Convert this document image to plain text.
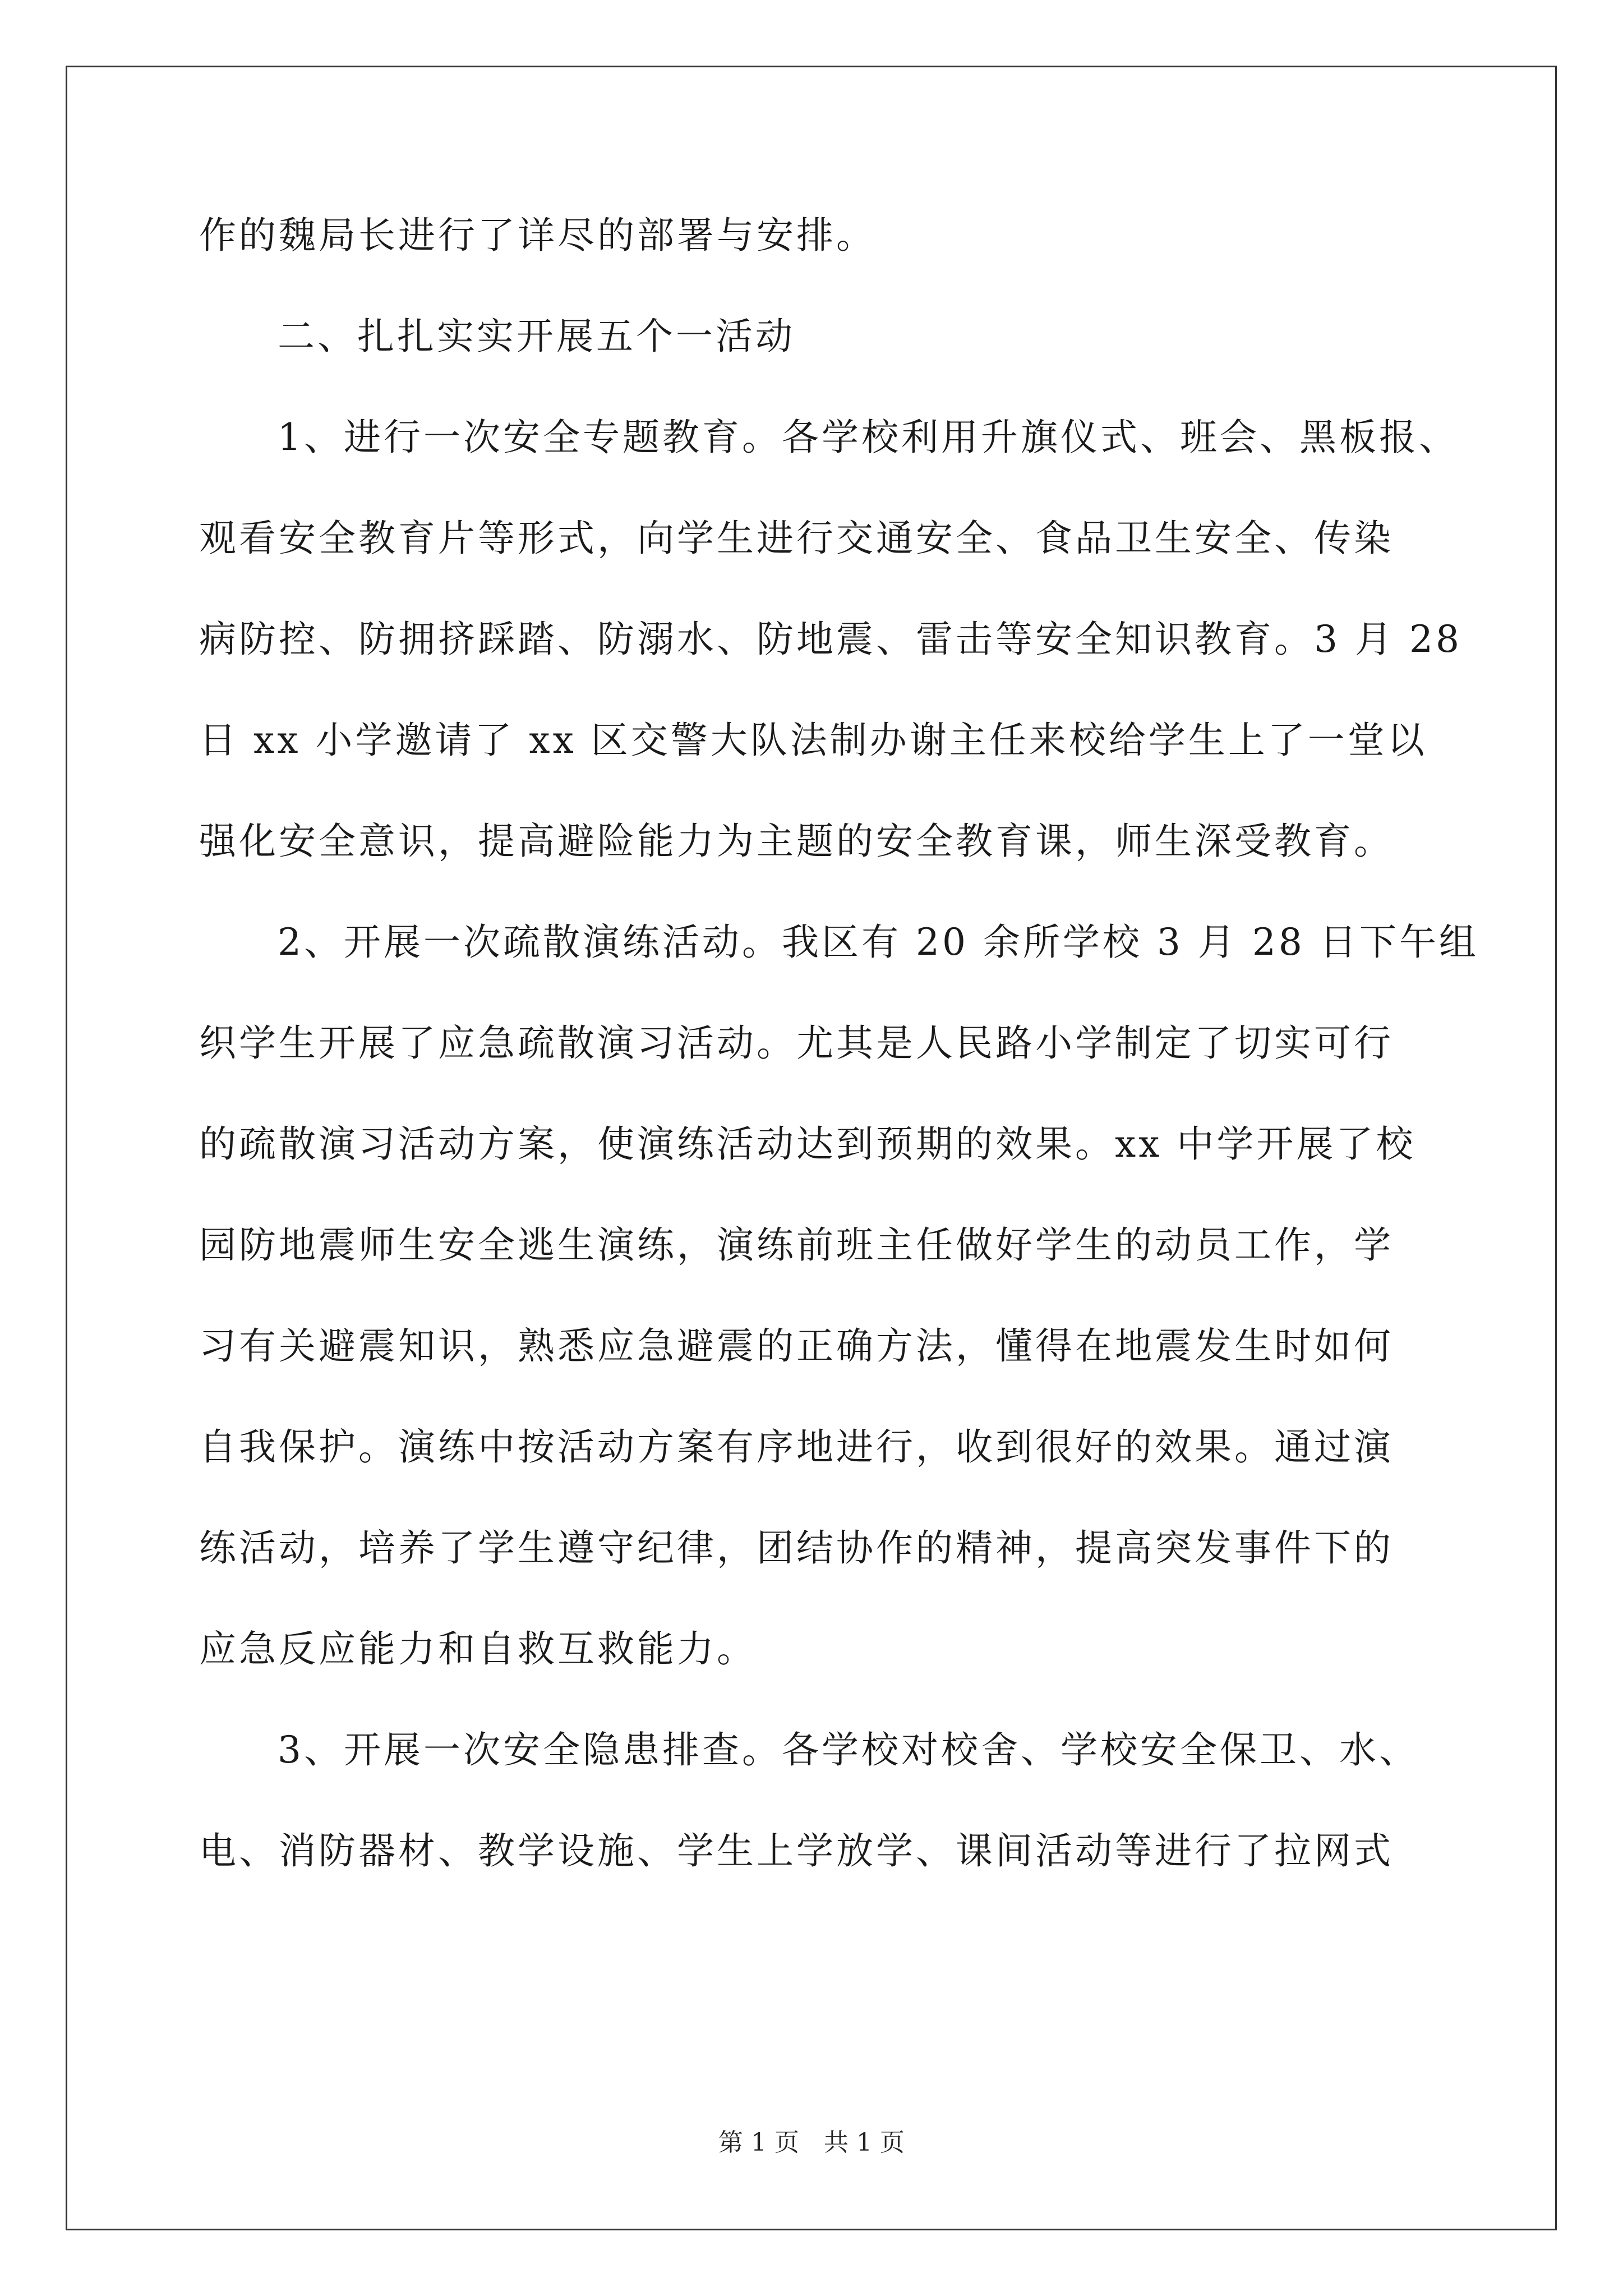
作的魏局长进行了详尽的部署与安排。
二、扎扎实实开展五个一活动
1、进行一次安全专题教育。各学校利用升旗仪式、班会、黑板报、
观看安全教育片等形式，向学生进行交通安全、食品卫生安全、传染
病防控、防拥挤踩踏、防溺水、防地震、雷击等安全知识教育。3 月 28
日 xx 小学邀请了 xx 区交警大队法制办谢主任来校给学生上了一堂以
强化安全意识，提高避险能力为主题的安全教育课，师生深受教育。
2、开展一次疏散演练活动。我区有 20 余所学校 3 月 28 日下午组
织学生开展了应急疏散演习活动。尤其是人民路小学制定了切实可行
的疏散演习活动方案，使演练活动达到预期的效果。xx 中学开展了校
园防地震师生安全逃生演练，演练前班主任做好学生的动员工作，学
习有关避震知识，熟悉应急避震的正确方法，懂得在地震发生时如何
自我保护。演练中按活动方案有序地进行，收到很好的效果。通过演
练活动，培养了学生遵守纪律，团结协作的精神，提高突发事件下的
应急反应能力和自救互救能力。
3、开展一次安全隐患排查。各学校对校舍、学校安全保卫、水、
电、消防器材、教学设施、学生上学放学、课间活动等进行了拉网式
第 1 页　共 1 页
